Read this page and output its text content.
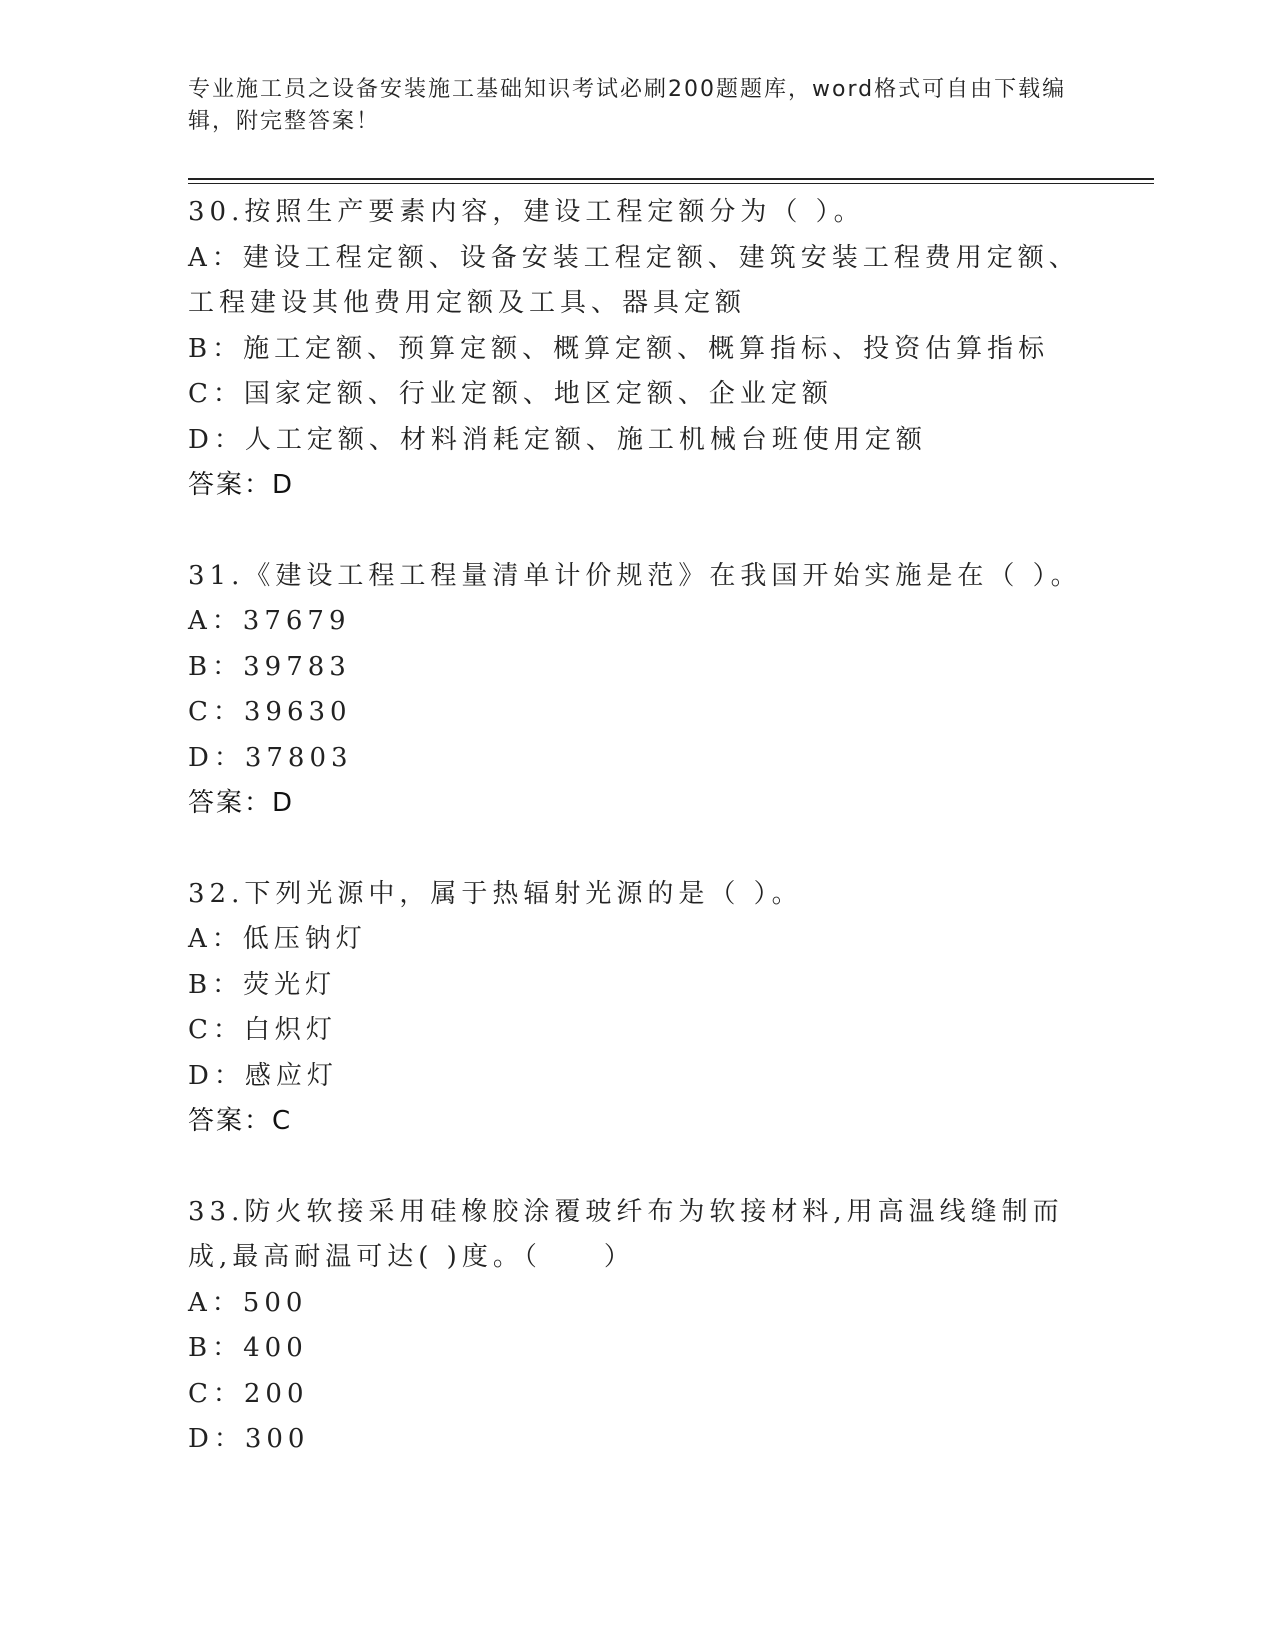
专业施工员之设备安装施工基础知识考试必刷200题题库，word格式可自由下载编辑，附完整答案！
30.按照生产要素内容，建设工程定额分为（ ）。
A：建设工程定额、设备安装工程定额、建筑安装工程费用定额、工程建设其他费用定额及工具、器具定额
B：施工定额、预算定额、概算定额、概算指标、投资估算指标
C：国家定额、行业定额、地区定额、企业定额
D：人工定额、材料消耗定额、施工机械台班使用定额
答案：D
31.《建设工程工程量清单计价规范》在我国开始实施是在（ ）。
A：37679
B：39783
C：39630
D：37803
答案：D
32.下列光源中，属于热辐射光源的是（ ）。
A：低压钠灯
B：荧光灯
C：白炽灯
D：感应灯
答案：C
33.防火软接采用硅橡胶涂覆玻纤布为软接材料,用高温线缝制而成,最高耐温可达( )度。（　　）
A：500
B：400
C：200
D：300
